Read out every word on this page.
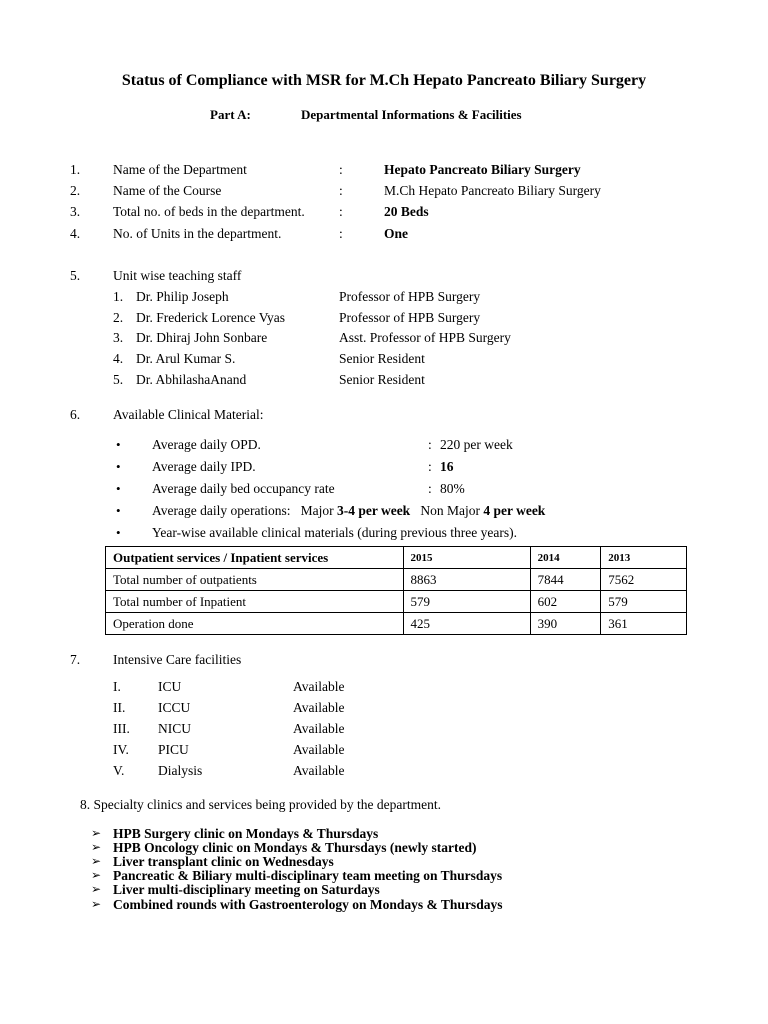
Status of Compliance with MSR for M.Ch Hepato Pancreato Biliary Surgery
Part A:	Departmental Informations & Facilities
1. Name of the Department	:	Hepato Pancreato Biliary Surgery
2. Name of the Course	:	M.Ch Hepato Pancreato Biliary Surgery
3. Total no. of beds in the department.	:	20 Beds
4. No. of Units in the department.	:	One
5. Unit wise teaching staff
1. Dr. Philip Joseph	Professor of HPB Surgery
2. Dr. Frederick Lorence Vyas	Professor of HPB Surgery
3. Dr. Dhiraj John Sonbare	Asst. Professor of HPB Surgery
4. Dr. Arul Kumar S.	Senior Resident
5. Dr. AbhilashaAnand	Senior Resident
6. Available Clinical Material:
• Average daily OPD.	: 220 per week
• Average daily IPD.	: 16
• Average daily bed occupancy rate	: 80%
• Average daily operations: Major 3-4 per week Non Major 4 per week
• Year-wise available clinical materials (during previous three years).
Outpatient services / Inpatient services	2015	2014	2013
Total number of outpatients	8863	7844	7562
Total number of Inpatient	579	602	579
Operation done	425	390	361
7. Intensive Care facilities
I.	ICU	Available
II. ICCU	Available
III. NICU	Available
IV. PICU	Available
V. Dialysis	Available
8. Specialty clinics and services being provided by the department.
➢ HPB Surgery clinic on Mondays & Thursdays
➢ HPB Oncology clinic on Mondays & Thursdays (newly started)
➢ Liver transplant clinic on Wednesdays
➢ Pancreatic & Biliary multi-disciplinary team meeting on Thursdays
➢ Liver multi-disciplinary meeting on Saturdays
➢ Combined rounds with Gastroenterology on Mondays & Thursdays
